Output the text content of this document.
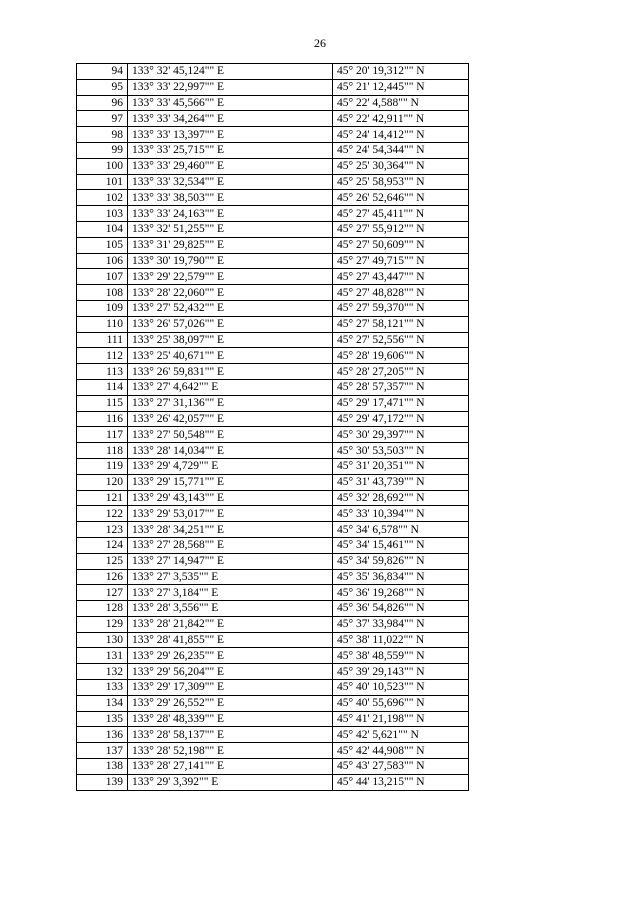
26
94	133° 32' 45,124"" E	45° 20' 19,312"" N
95	133° 33' 22,997"" E	45° 21' 12,445"" N
96	133° 33' 45,566"" E	45° 22' 4,588"" N
97	133° 33' 34,264"" E	45° 22' 42,911"" N
98	133° 33' 13,397"" E	45° 24' 14,412"" N
99	133° 33' 25,715"" E	45° 24' 54,344"" N
100	133° 33' 29,460"" E	45° 25' 30,364"" N
101	133° 33' 32,534"" E	45° 25' 58,953"" N
102	133° 33' 38,503"" E	45° 26' 52,646"" N
103	133° 33' 24,163"" E	45° 27' 45,411"" N
104	133° 32' 51,255"" E	45° 27' 55,912"" N
105	133° 31' 29,825"" E	45° 27' 50,609"" N
106	133° 30' 19,790"" E	45° 27' 49,715"" N
107	133° 29' 22,579"" E	45° 27' 43,447"" N
108	133° 28' 22,060"" E	45° 27' 48,828"" N
109	133° 27' 52,432"" E	45° 27' 59,370"" N
110	133° 26' 57,026"" E	45° 27' 58,121"" N
111	133° 25' 38,097"" E	45° 27' 52,556"" N
112	133° 25' 40,671"" E	45° 28' 19,606"" N
113	133° 26' 59,831"" E	45° 28' 27,205"" N
114	133° 27' 4,642"" E	45° 28' 57,357"" N
115	133° 27' 31,136"" E	45° 29' 17,471"" N
116	133° 26' 42,057"" E	45° 29' 47,172"" N
117	133° 27' 50,548"" E	45° 30' 29,397"" N
118	133° 28' 14,034"" E	45° 30' 53,503"" N
119	133° 29' 4,729"" E	45° 31' 20,351"" N
120	133° 29' 15,771"" E	45° 31' 43,739"" N
121	133° 29' 43,143"" E	45° 32' 28,692"" N
122	133° 29' 53,017"" E	45° 33' 10,394"" N
123	133° 28' 34,251"" E	45° 34' 6,578"" N
124	133° 27' 28,568"" E	45° 34' 15,461"" N
125	133° 27' 14,947"" E	45° 34' 59,826"" N
126	133° 27' 3,535"" E	45° 35' 36,834"" N
127	133° 27' 3,184"" E	45° 36' 19,268"" N
128	133° 28' 3,556"" E	45° 36' 54,826"" N
129	133° 28' 21,842"" E	45° 37' 33,984"" N
130	133° 28' 41,855"" E	45° 38' 11,022"" N
131	133° 29' 26,235"" E	45° 38' 48,559"" N
132	133° 29' 56,204"" E	45° 39' 29,143"" N
133	133° 29' 17,309"" E	45° 40' 10,523"" N
134	133° 29' 26,552"" E	45° 40' 55,696"" N
135	133° 28' 48,339"" E	45° 41' 21,198"" N
136	133° 28' 58,137"" E	45° 42' 5,621"" N
137	133° 28' 52,198"" E	45° 42' 44,908"" N
138	133° 28' 27,141"" E	45° 43' 27,583"" N
139	133° 29' 3,392"" E	45° 44' 13,215"" N
